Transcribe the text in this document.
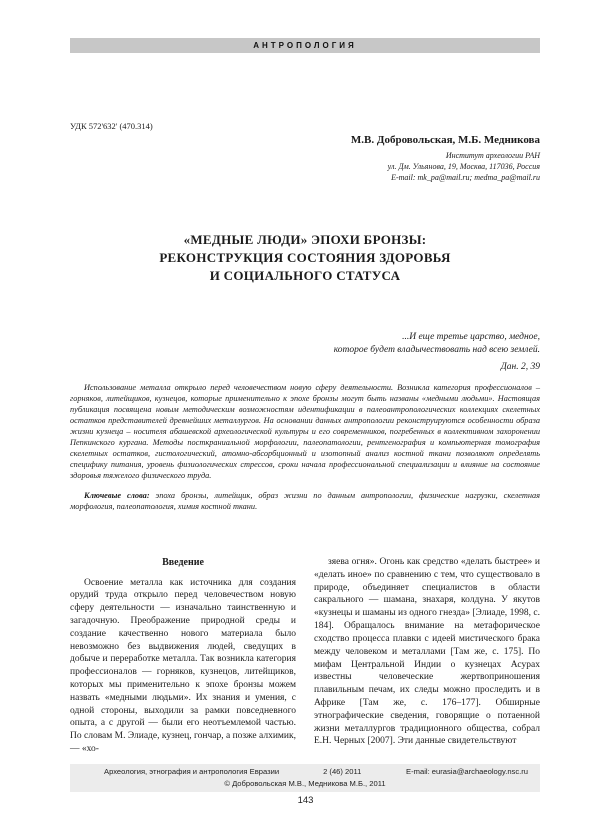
АНТРОПОЛОГИЯ
УДК 572'632' (470.314)
М.В. Добровольская, М.Б. Медникова
Институт археологии РАН
ул. Дм. Ульянова, 19, Москва, 117036, Россия
E-mail: mk_pa@mail.ru; medma_pa@mail.ru
«МЕДНЫЕ ЛЮДИ» ЭПОХИ БРОНЗЫ:
РЕКОНСТРУКЦИЯ СОСТОЯНИЯ ЗДОРОВЬЯ
И СОЦИАЛЬНОГО СТАТУСА
...И еще третье царство, медное,
которое будет владычествовать над всею землей.
Дан. 2, 39

Использование металла открыло перед человечеством новую сферу деятельности. Возникла категория профессионалов – горняков, литейщиков, кузнецов, которые применительно к эпохе бронзы могут быть названы «медными людьми». Настоящая публикация посвящена новым методическим возможностям идентификации в палеоантропологических коллекциях скелетных остатков представителей древнейших металлургов. На основании данных антропологии реконструируются особенности образа жизни кузнеца – носителя абашевской археологической культуры и его современников, погребенных в коллективном захоронении Пепкинского кургана. Методы посткраниальной морфологии, палеопатологии, рентгенография и компьютерная томография скелетных остатков, гистологический, атомно-абсорбционный и изотопный анализ костной ткани позволяют определять специфику питания, уровень физиологических стрессов, сроки начала профессиональной специализации и влияние на состояние здоровья тяжелого физического труда.

Ключевые слова: эпоха бронзы, литейщик, образ жизни по данным антропологии, физические нагрузки, скелетная морфология, палеопатология, химия костной ткани.

Введение

Освоение металла как источника для создания орудий труда открыло перед человечеством новую сферу деятельности — изначально таинственную и загадочную. Преображение природной среды и создание качественно нового материала было невозможно без выдвижения людей, сведущих в добыче и переработке металла. Так возникла категория профессионалов — горняков, кузнецов, литейщиков, которых мы применительно к эпохе бронзы можем назвать «медными людьми». Их знания и умения, с одной стороны, выходили за рамки повседневного опыта, а с другой — были его неотъемлемой частью. По словам М. Элиаде, кузнец, гончар, а позже алхимик, — «хо-

зяева огня». Огонь как средство «делать быстрее» и «делать иное» по сравнению с тем, что существовало в природе, объединяет специалистов в области сакрального — шамана, знахаря, колдуна. У якутов «кузнецы и шаманы из одного гнезда» [Элиаде, 1998, с. 184]. Обращалось внимание на метафорическое сходство процесса плавки с идеей мистического брака между человеком и металлами [Там же, с. 175]. По мифам Центральной Индии о кузнецах Асурах известны человеческие жертвоприношения плавильным печам, их следы можно проследить и в Африке [Там же, с. 176–177]. Обширные этнографические сведения, говорящие о потаенной жизни металлургов традиционного общества, собрал Е.Н. Черных [2007]. Эти данные свидетельствуют

Археология, этнография и антропология Евразии	2 (46) 2011	E-mail: eurasia@archaeology.nsc.ru
© Добровольская М.В., Медникова М.Б., 2011
143
